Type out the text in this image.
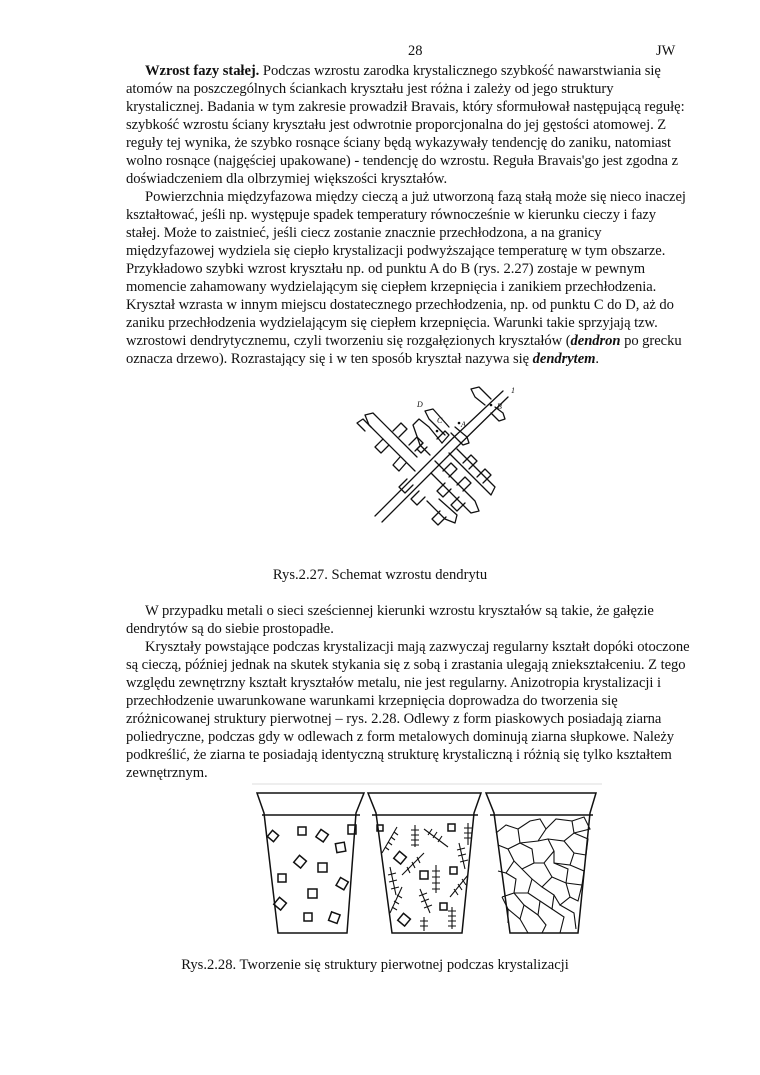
28	JW
Wzrost fazy stałej. Podczas wzrostu zarodka krystalicznego szybkość nawarstwiania się
atomów na poszczególnych ściankach kryształu jest różna i zależy od jego struktury
krystalicznej. Badania w tym zakresie prowadził Bravais, który sformułował następującą regułę:
szybkość wzrostu ściany kryształu jest odwrotnie proporcjonalna do jej gęstości atomowej. Z
reguły tej wynika, że szybko rosnące ściany będą wykazywały tendencję do zaniku, natomiast
wolno rosnące (najgęściej upakowane) - tendencję do wzrostu. Reguła Bravais'go jest zgodna z
doświadczeniem dla olbrzymiej większości kryształów.
Powierzchnia międzyfazowa między cieczą a już utworzoną fazą stałą może się nieco inaczej
kształtować, jeśli np. występuje spadek temperatury równocześnie w kierunku cieczy i fazy
stałej. Może to zaistnieć, jeśli ciecz zostanie znacznie przechłodzona, a na granicy
międzyfazowej wydziela się ciepło krystalizacji podwyższające temperaturę w tym obszarze.
Przykładowo szybki wzrost kryształu np. od punktu A do B (rys. 2.27) zostaje w pewnym
momencie zahamowany wydzielającym się ciepłem krzepnięcia i zanikiem przechłodzenia.
Kryształ wzrasta w innym miejscu dostatecznego przechłodzenia, np. od punktu C do D, aż do
zaniku przechłodzenia wydzielającym się ciepłem krzepnięcia. Warunki takie sprzyjają tzw.
wzrostowi dendrytycznemu, czyli tworzeniu się rozgałęzionych kryształów (dendron po grecku
oznacza drzewo). Rozrastający się i w ten sposób kryształ nazywa się dendrytem.
D
C A
B
1
Rys.2.27. Schemat wzrostu dendrytu
W przypadku metali o sieci sześciennej kierunki wzrostu kryształów są takie, że gałęzie
dendrytów są do siebie prostopadłe.
Kryształy powstające podczas krystalizacji mają zazwyczaj regularny kształt dopóki otoczone
są cieczą, później jednak na skutek stykania się z sobą i zrastania ulegają zniekształceniu. Z tego
względu zewnętrzny kształt kryształów metalu, nie jest regularny. Anizotropia krystalizacji i
przechłodzenie uwarunkowane warunkami krzepnięcia doprowadza do tworzenia się
zróżnicowanej struktury pierwotnej – rys. 2.28. Odlewy z form piaskowych posiadają ziarna
poliedryczne, podczas gdy w odlewach z form metalowych dominują ziarna słupkowe. Należy
podkreślić, że ziarna te posiadają identyczną strukturę krystaliczną i różnią się tylko kształtem
zewnętrznym.
Rys.2.28. Tworzenie się struktury pierwotnej podczas krystalizacji
